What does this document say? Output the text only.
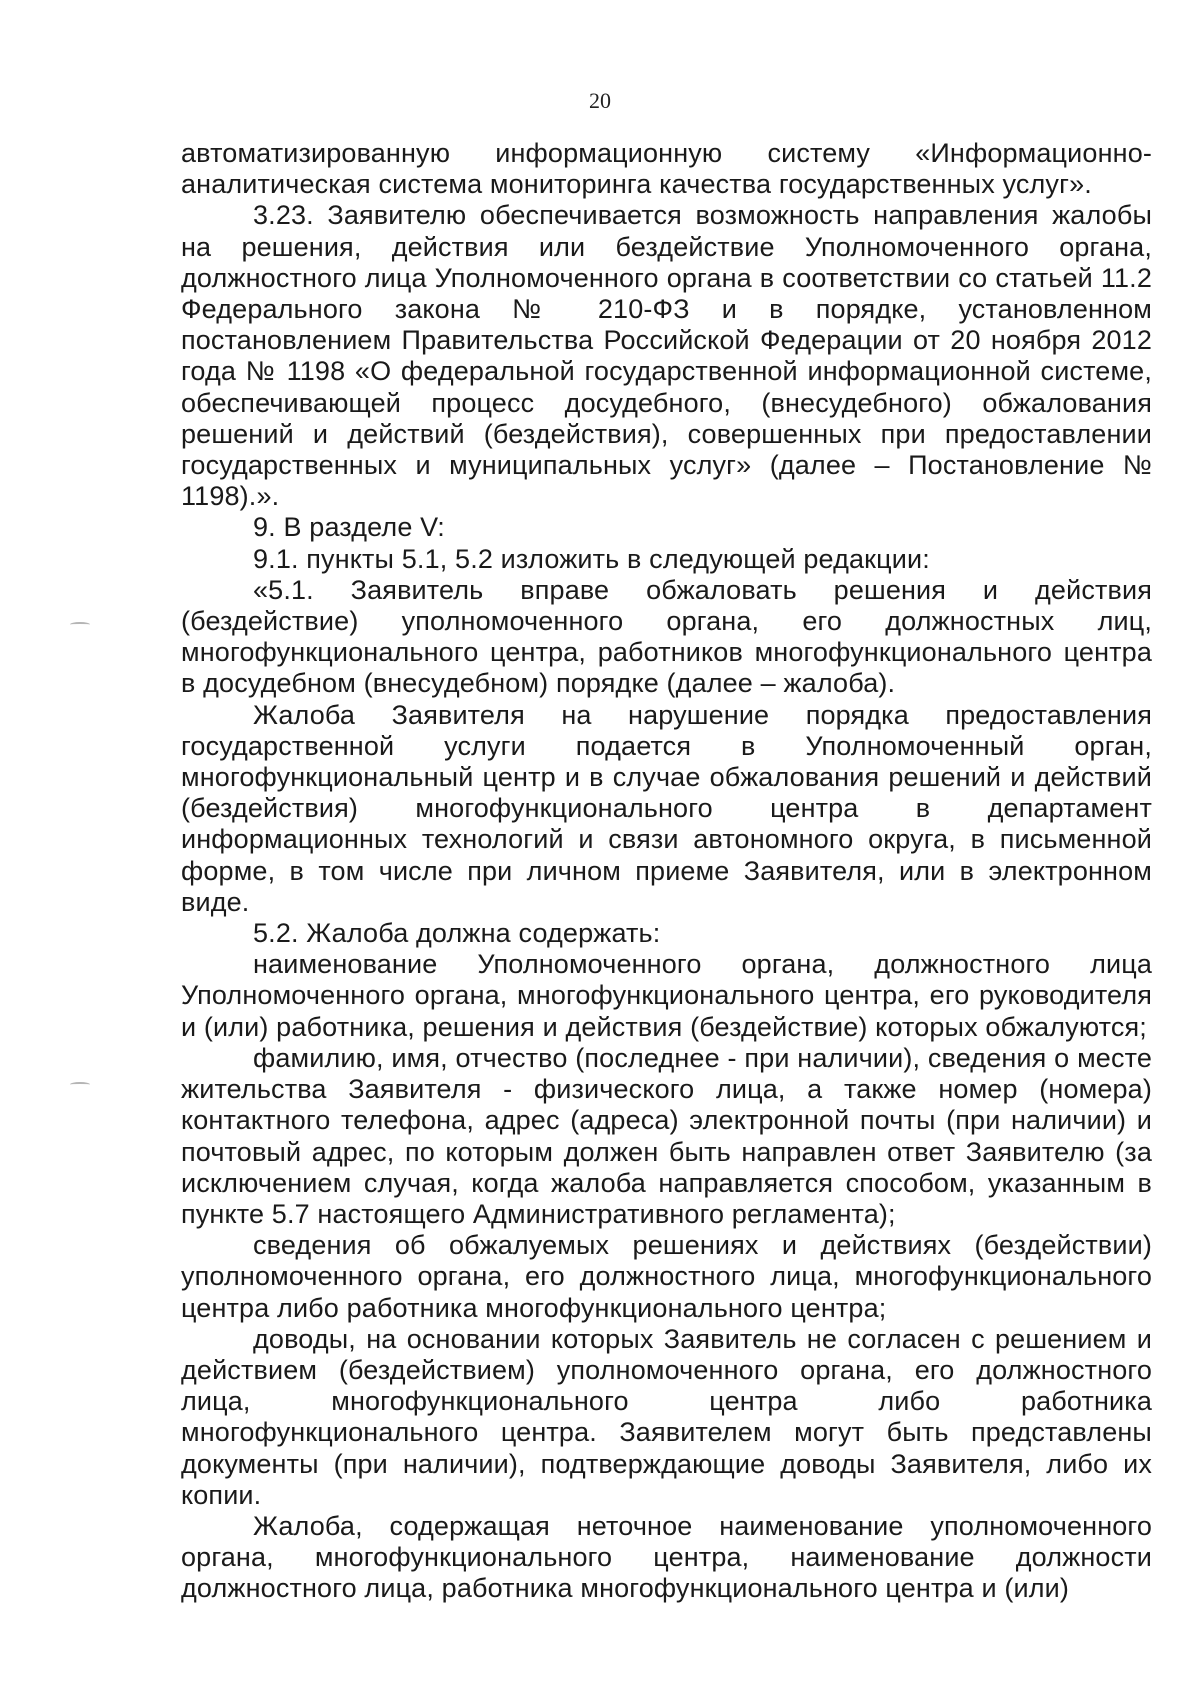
20

автоматизированную информационную систему «Информационно-аналитическая система мониторинга качества государственных услуг».

3.23. Заявителю обеспечивается возможность направления жалобы на решения, действия или бездействие Уполномоченного органа, должностного лица Уполномоченного органа в соответствии со статьей 11.2 Федерального закона № 210-ФЗ и в порядке, установленном постановлением Правительства Российской Федерации от 20 ноября 2012 года № 1198 «О федеральной государственной информационной системе, обеспечивающей процесс досудебного, (внесудебного) обжалования решений и действий (бездействия), совершенных при предоставлении государственных и муниципальных услуг» (далее – Постановление № 1198).».

9. В разделе V:

9.1. пункты 5.1, 5.2 изложить в следующей редакции:

«5.1. Заявитель вправе обжаловать решения и действия (бездействие) уполномоченного органа, его должностных лиц, многофункционального центра, работников многофункционального центра в досудебном (внесудебном) порядке (далее – жалоба).

Жалоба Заявителя на нарушение порядка предоставления государственной услуги подается в Уполномоченный орган, многофункциональный центр и в случае обжалования решений и действий (бездействия) многофункционального центра в департамент информационных технологий и связи автономного округа, в письменной форме, в том числе при личном приеме Заявителя, или в электронном виде.

5.2. Жалоба должна содержать:

наименование Уполномоченного органа, должностного лица Уполномоченного органа, многофункционального центра, его руководителя и (или) работника, решения и действия (бездействие) которых обжалуются;

фамилию, имя, отчество (последнее - при наличии), сведения о месте жительства Заявителя - физического лица, а также номер (номера) контактного телефона, адрес (адреса) электронной почты (при наличии) и почтовый адрес, по которым должен быть направлен ответ Заявителю (за исключением случая, когда жалоба направляется способом, указанным в пункте 5.7 настоящего Административного регламента);

сведения об обжалуемых решениях и действиях (бездействии) уполномоченного органа, его должностного лица, многофункционального центра либо работника многофункционального центра;

доводы, на основании которых Заявитель не согласен с решением и действием (бездействием) уполномоченного органа, его должностного лица, многофункционального центра либо работника многофункционального центра. Заявителем могут быть представлены документы (при наличии), подтверждающие доводы Заявителя, либо их копии.

Жалоба, содержащая неточное наименование уполномоченного органа, многофункционального центра, наименование должности должностного лица, работника многофункционального центра и (или)
